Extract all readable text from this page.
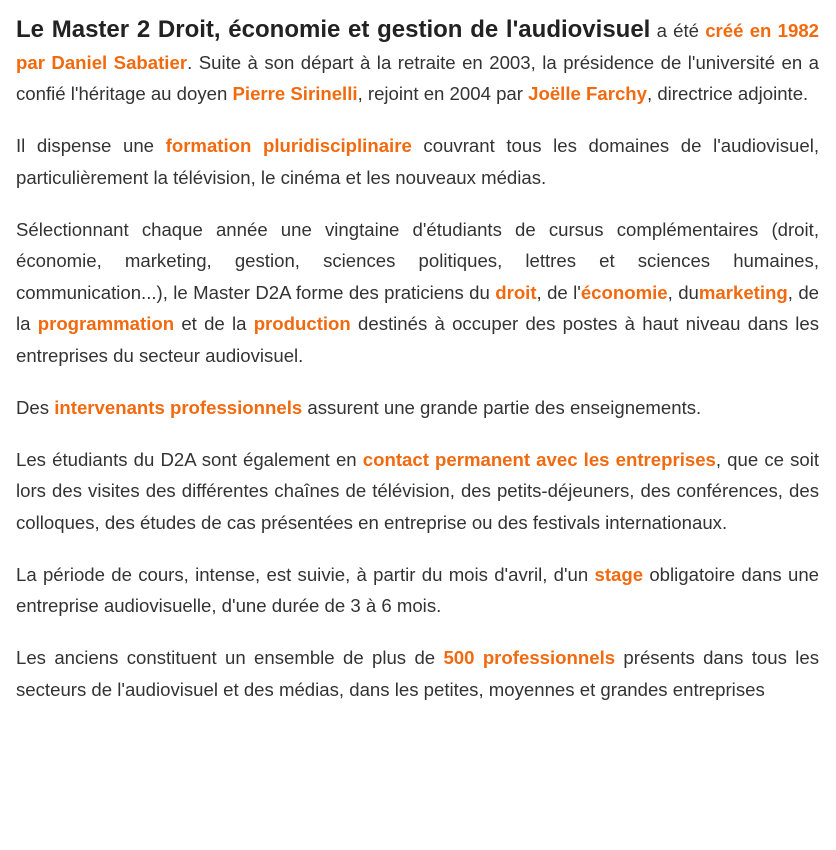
Le Master 2 Droit, économie et gestion de l'audiovisuel a été créé en 1982 par Daniel Sabatier. Suite à son départ à la retraite en 2003, la présidence de l'université en a confié l'héritage au doyen Pierre Sirinelli, rejoint en 2004 par Joëlle Farchy, directrice adjointe.

Il dispense une formation pluridisciplinaire couvrant tous les domaines de l'audiovisuel, particulièrement la télévision, le cinéma et les nouveaux médias.

Sélectionnant chaque année une vingtaine d'étudiants de cursus complémentaires (droit, économie, marketing, gestion, sciences politiques, lettres et sciences humaines, communication...), le Master D2A forme des praticiens du droit, de l'économie, dumarketing, de la programmation et de la production destinés à occuper des postes à haut niveau dans les entreprises du secteur audiovisuel.

Des intervenants professionnels assurent une grande partie des enseignements.

Les étudiants du D2A sont également en contact permanent avec les entreprises, que ce soit lors des visites des différentes chaînes de télévision, des petits-déjeuners, des conférences, des colloques, des études de cas présentées en entreprise ou des festivals internationaux.

La période de cours, intense, est suivie, à partir du mois d'avril, d'un stage obligatoire dans une entreprise audiovisuelle, d'une durée de 3 à 6 mois.

Les anciens constituent un ensemble de plus de 500 professionnels présents dans tous les secteurs de l'audiovisuel et des médias, dans les petites, moyennes et grandes entreprises
